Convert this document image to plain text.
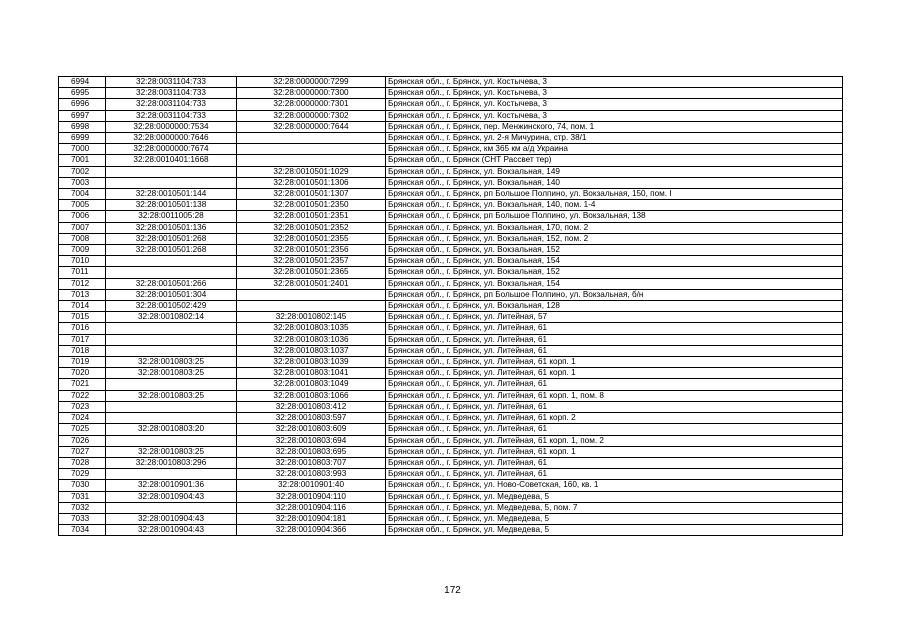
6994	32:28:0031104:733	32:28:0000000:7299	Брянская обл., г. Брянск, ул. Костычева, 3
6995	32:28:0031104:733	32:28:0000000:7300	Брянская обл., г. Брянск, ул. Костычева, 3
6996	32:28:0031104:733	32:28:0000000:7301	Брянская обл., г. Брянск, ул. Костычева, 3
6997	32:28:0031104:733	32:28:0000000:7302	Брянская обл., г. Брянск, ул. Костычева, 3
6998	32:28:0000000:7534	32:28:0000000:7644	Брянская обл., г. Брянск, пер. Менжинского, 74, пом. 1
6999	32:28:0000000:7646		Брянская обл., г. Брянск, ул. 2-я Мичурина, стр. 38/1
7000	32:28:0000000:7674		Брянская обл., г. Брянск, км 365 км а/д Украина
7001	32:28:0010401:1668		Брянская обл., г. Брянск (СНТ Рассвет тер)
7002		32:28:0010501:1029	Брянская обл., г. Брянск, ул. Вокзальная, 149
7003		32:28:0010501:1306	Брянская обл., г. Брянск, ул. Вокзальная, 140
7004	32:28:0010501:144	32:28:0010501:1307	Брянская обл., г. Брянск, рп Большое Полпино, ул. Вокзальная, 150, пом. I
7005	32:28:0010501:138	32:28:0010501:2350	Брянская обл., г. Брянск, ул. Вокзальная, 140, пом. 1-4
7006	32:28:0011005:28	32:28:0010501:2351	Брянская обл., г. Брянск, рп Большое Полпино, ул. Вокзальная, 138
7007	32:28:0010501:136	32:28:0010501:2352	Брянская обл., г. Брянск, ул. Вокзальная, 170, пом. 2
7008	32:28:0010501:268	32:28:0010501:2355	Брянская обл., г. Брянск, ул. Вокзальная, 152, пом. 2
7009	32:28:0010501:268	32:28:0010501:2356	Брянская обл., г. Брянск, ул. Вокзальная, 152
7010		32:28:0010501:2357	Брянская обл., г. Брянск, ул. Вокзальная, 154
7011		32:28:0010501:2365	Брянская обл., г. Брянск, ул. Вокзальная, 152
7012	32:28:0010501:266	32:28:0010501:2401	Брянская обл., г. Брянск, ул. Вокзальная, 154
7013	32:28:0010501:304		Брянская обл., г. Брянск, рп Большое Полпино, ул. Вокзальная, б/н
7014	32:28:0010502:429		Брянская обл., г. Брянск, ул. Вокзальная, 128
7015	32:28:0010802:14	32:28:0010802:145	Брянская обл., г. Брянск, ул. Литейная, 57
7016		32:28:0010803:1035	Брянская обл., г. Брянск, ул. Литейная, 61
7017		32:28:0010803:1036	Брянская обл., г. Брянск, ул. Литейная, 61
7018		32:28:0010803:1037	Брянская обл., г. Брянск, ул. Литейная, 61
7019	32:28:0010803:25	32:28:0010803:1039	Брянская обл., г. Брянск, ул. Литейная, 61 корп. 1
7020	32:28:0010803:25	32:28:0010803:1041	Брянская обл., г. Брянск, ул. Литейная, 61 корп. 1
7021		32:28:0010803:1049	Брянская обл., г. Брянск, ул. Литейная, 61
7022	32:28:0010803:25	32:28:0010803:1066	Брянская обл., г. Брянск, ул. Литейная, 61 корп. 1, пом. 8
7023		32:28:0010803:412	Брянская обл., г. Брянск, ул. Литейная, 61
7024		32:28:0010803:597	Брянская обл., г. Брянск, ул. Литейная, 61 корп. 2
7025	32:28:0010803:20	32:28:0010803:609	Брянская обл., г. Брянск, ул. Литейная, 61
7026		32:28:0010803:694	Брянская обл., г. Брянск, ул. Литейная, 61 корп. 1, пом. 2
7027	32:28:0010803:25	32:28:0010803:695	Брянская обл., г. Брянск, ул. Литейная, 61 корп. 1
7028	32:28:0010803:296	32:28:0010803:707	Брянская обл., г. Брянск, ул. Литейная, 61
7029		32:28:0010803:993	Брянская обл., г. Брянск, ул. Литейная, 61
7030	32:28:0010901:36	32:28:0010901:40	Брянская обл., г. Брянск, ул. Ново-Советская, 160, кв. 1
7031	32:28:0010904:43	32:28:0010904:110	Брянская обл., г. Брянск, ул. Медведева, 5
7032		32:28:0010904:116	Брянская обл., г. Брянск, ул. Медведева, 5, пом. 7
7033	32:28:0010904:43	32:28:0010904:181	Брянская обл., г. Брянск, ул. Медведева, 5
7034	32:28:0010904:43	32:28:0010904:366	Брянская обл., г. Брянск, ул. Медведева, 5
172
